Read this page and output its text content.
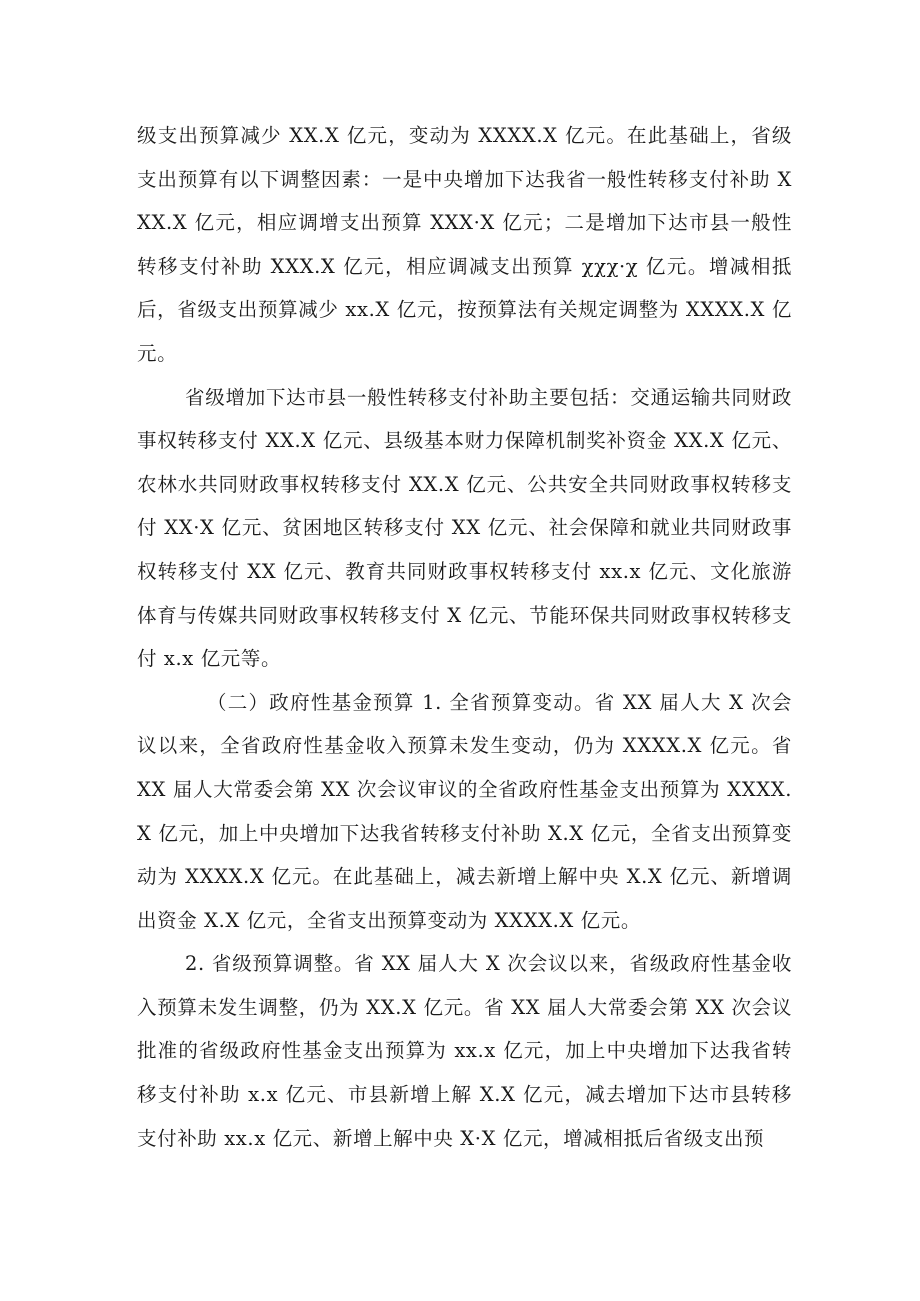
级支出预算减少 XX.X 亿元，变动为 XXXX.X 亿元。在此基础上，省级支出预算有以下调整因素：一是中央增加下达我省一般性转移支付补助 XXX.X 亿元，相应调增支出预算 XXX·X 亿元；二是增加下达市县一般性转移支付补助 XXX.X 亿元，相应调减支出预算 χχχ·χ 亿元。增减相抵后，省级支出预算减少 xx.X 亿元，按预算法有关规定调整为 XXXX.X 亿元。

省级增加下达市县一般性转移支付补助主要包括：交通运输共同财政事权转移支付 XX.X 亿元、县级基本财力保障机制奖补资金 XX.X 亿元、农林水共同财政事权转移支付 XX.X 亿元、公共安全共同财政事权转移支付 XX·X 亿元、贫困地区转移支付 XX 亿元、社会保障和就业共同财政事权转移支付 XX 亿元、教育共同财政事权转移支付 xx.x 亿元、文化旅游体育与传媒共同财政事权转移支付 X 亿元、节能环保共同财政事权转移支付 x.x 亿元等。

（二）政府性基金预算 1. 全省预算变动。省 XX 届人大 X 次会议以来，全省政府性基金收入预算未发生变动，仍为 XXXX.X 亿元。省 XX 届人大常委会第 XX 次会议审议的全省政府性基金支出预算为 XXXX.X 亿元，加上中央增加下达我省转移支付补助 X.X 亿元，全省支出预算变动为 XXXX.X 亿元。在此基础上，减去新增上解中央 X.X 亿元、新增调出资金 X.X 亿元，全省支出预算变动为 XXXX.X 亿元。

2. 省级预算调整。省 XX 届人大 X 次会议以来，省级政府性基金收入预算未发生调整，仍为 XX.X 亿元。省 XX 届人大常委会第 XX 次会议批准的省级政府性基金支出预算为 xx.x 亿元，加上中央增加下达我省转移支付补助 x.x 亿元、市县新增上解 X.X 亿元，减去增加下达市县转移支付补助 xx.x 亿元、新增上解中央 X·X 亿元，增减相抵后省级支出预
